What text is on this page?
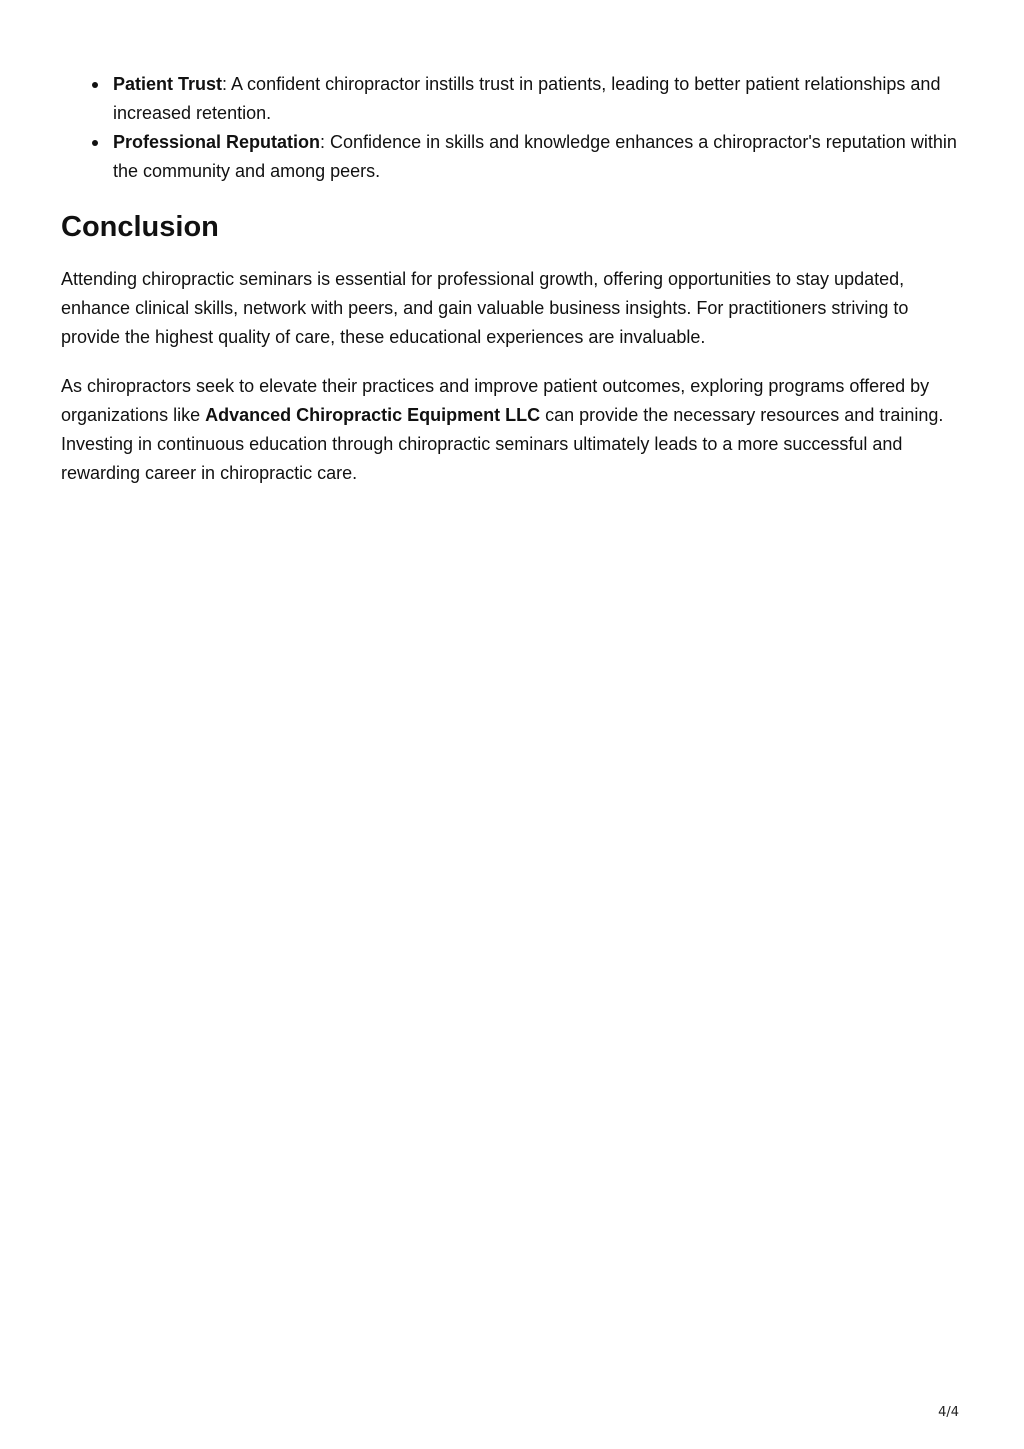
Patient Trust: A confident chiropractor instills trust in patients, leading to better patient relationships and increased retention.
Professional Reputation: Confidence in skills and knowledge enhances a chiropractor's reputation within the community and among peers.
Conclusion

Attending chiropractic seminars is essential for professional growth, offering opportunities to stay updated, enhance clinical skills, network with peers, and gain valuable business insights. For practitioners striving to provide the highest quality of care, these educational experiences are invaluable.

As chiropractors seek to elevate their practices and improve patient outcomes, exploring programs offered by organizations like Advanced Chiropractic Equipment LLC can provide the necessary resources and training. Investing in continuous education through chiropractic seminars ultimately leads to a more successful and rewarding career in chiropractic care.

4/4
